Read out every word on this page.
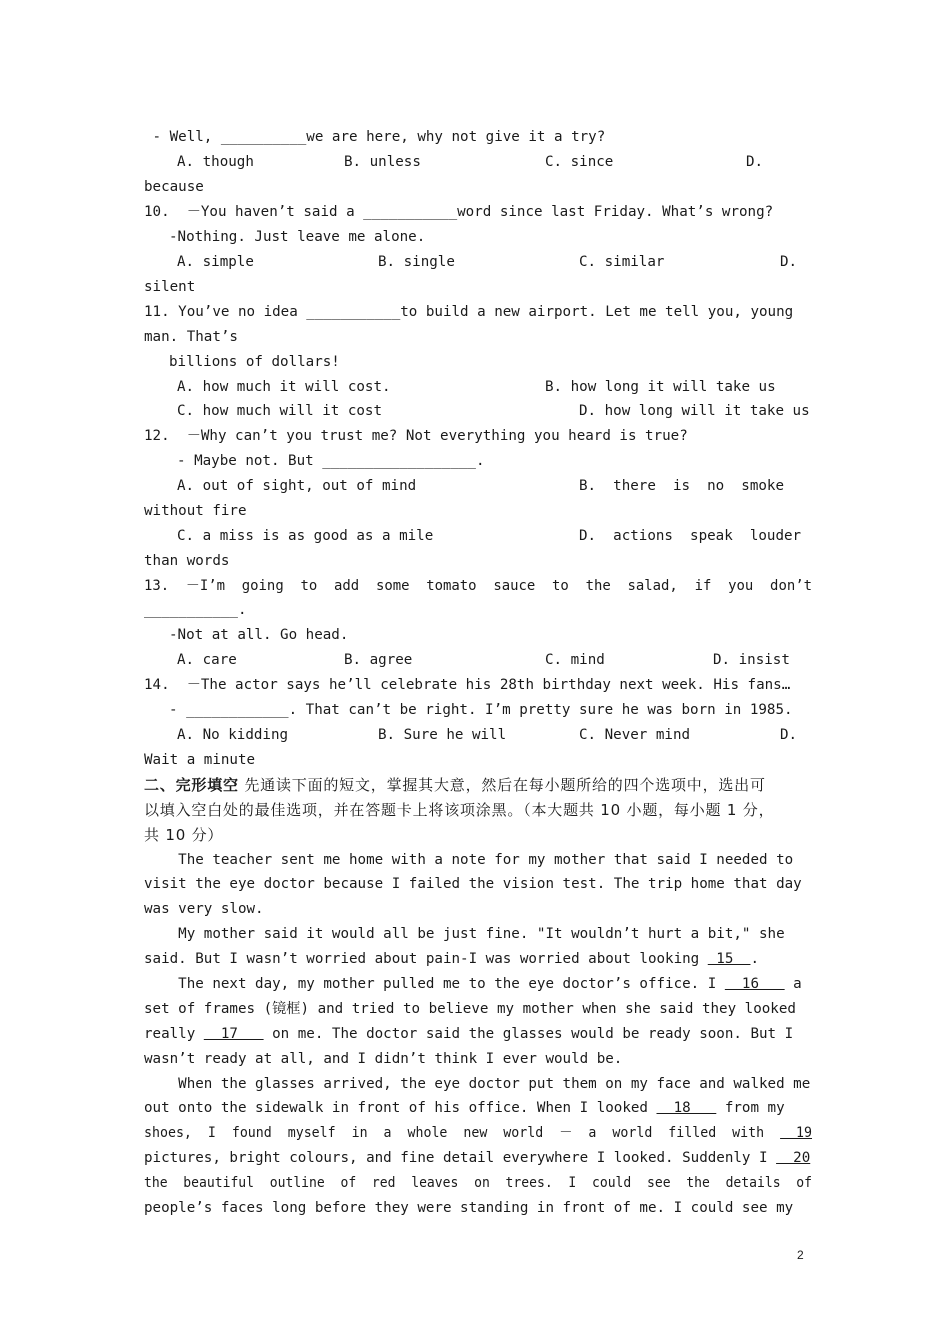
- Well, __________we are here, why not give it a try?
A. though	B. unless	C. since	D.
because
10.  －You haven’t said a ___________word since last Friday. What’s wrong?
-Nothing. Just leave me alone.
A. simple	B. single	C. similar	D.
silent
11. You’ve no idea ___________to build a new airport. Let me tell you, young
man. That’s
billions of dollars!
A. how much it will cost.	B. how long it will take us
C. how much will it cost	D. how long will it take us
12.  －Why can’t you trust me? Not everything you heard is true?
- Maybe not. But __________________.
A. out of sight, out of mind	B.  there  is  no  smoke
without fire
C. a miss is as good as a mile	D.  actions  speak  louder
than words
13.  －I’m  going  to  add  some  tomato  sauce  to  the  salad,  if  you  don’t
___________.
-Not at all. Go head.
A. care	B. agree	C. mind	D. insist
14.  －The actor says he’ll celebrate his 28th birthday next week. His fans…
- ____________. That can’t be right. I’m pretty sure he was born in 1985.
A. No kidding	B. Sure he will	C. Never mind	D.
Wait a minute
二、完形填空 先通读下面的短文，掌握其大意，然后在每小题所给的四个选项中，选出可
以填入空白处的最佳选项，并在答题卡上将该项涂黑。（本大题共 10 小题，每小题 1 分，
共 10 分）
The teacher sent me home with a note for my mother that said I needed to
visit the eye doctor because I failed the vision test. The trip home that day
was very slow.
My mother said it would all be just fine. "It wouldn’t hurt a bit," she
said. But I wasn’t worried about pain-I was worried about looking  15  .
The next day, my mother pulled me to the eye doctor’s office. I   16    a
set of frames (镜框) and tried to believe my mother when she said they looked
really   17    on me. The doctor said the glasses would be ready soon. But I
wasn’t ready at all, and I didn’t think I ever would be.
When the glasses arrived, the eye doctor put them on my face and walked me
out onto the sidewalk in front of his office. When I looked   18    from my
shoes,  I  found  myself  in  a  whole  new  world  －  a  world  filled  with    19
pictures, bright colours, and fine detail everywhere I looked. Suddenly I   20
the  beautiful  outline  of  red  leaves  on  trees.  I  could  see  the  details  of
people’s faces long before they were standing in front of me. I could see my
2
